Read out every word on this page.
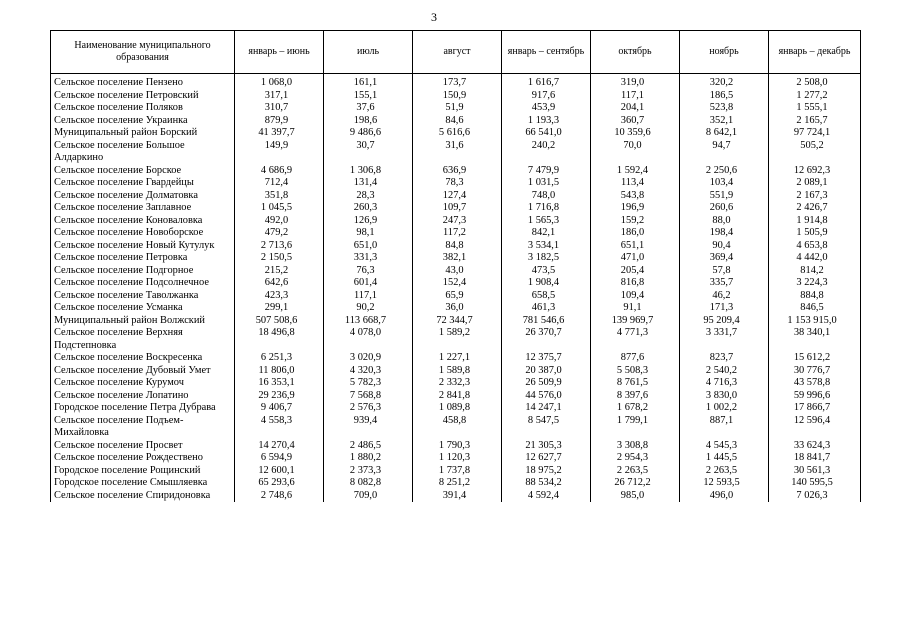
3
Наименование муниципального образования	январь – июнь	июль	август	январь – сентябрь	октябрь	ноябрь	январь – декабрь
Сельское поселение Пензено	1 068,0	161,1	173,7	1 616,7	319,0	320,2	2 508,0
Сельское поселение Петровский	317,1	155,1	150,9	917,6	117,1	186,5	1 277,2
Сельское поселение Поляков	310,7	37,6	51,9	453,9	204,1	523,8	1 555,1
Сельское поселение Украинка	879,9	198,6	84,6	1 193,3	360,7	352,1	2 165,7
Муниципальный район Борский	41 397,7	9 486,6	5 616,6	66 541,0	10 359,6	8 642,1	97 724,1
Сельское поселение Большое Алдаркино	149,9	30,7	31,6	240,2	70,0	94,7	505,2
Сельское поселение Борское	4 686,9	1 306,8	636,9	7 479,9	1 592,4	2 250,6	12 692,3
Сельское поселение Гвардейцы	712,4	131,4	78,3	1 031,5	113,4	103,4	2 089,1
Сельское поселение Долматовка	351,8	28,3	127,4	748,0	543,8	551,9	2 167,3
Сельское поселение Заплавное	1 045,5	260,3	109,7	1 716,8	196,9	260,6	2 426,7
Сельское поселение Коноваловка	492,0	126,9	247,3	1 565,3	159,2	88,0	1 914,8
Сельское поселение Новоборское	479,2	98,1	117,2	842,1	186,0	198,4	1 505,9
Сельское поселение Новый Кутулук	2 713,6	651,0	84,8	3 534,1	651,1	90,4	4 653,8
Сельское поселение Петровка	2 150,5	331,3	382,1	3 182,5	471,0	369,4	4 442,0
Сельское поселение Подгорное	215,2	76,3	43,0	473,5	205,4	57,8	814,2
Сельское поселение Подсолнечное	642,6	601,4	152,4	1 908,4	816,8	335,7	3 224,3
Сельское поселение Таволжанка	423,3	117,1	65,9	658,5	109,4	46,2	884,8
Сельское поселение Усманка	299,1	90,2	36,0	461,3	91,1	171,3	846,5
Муниципальный район Волжский	507 508,6	113 668,7	72 344,7	781 546,6	139 969,7	95 209,4	1 153 915,0
Сельское поселение Верхняя Подстепновка	18 496,8	4 078,0	1 589,2	26 370,7	4 771,3	3 331,7	38 340,1
Сельское поселение Воскресенка	6 251,3	3 020,9	1 227,1	12 375,7	877,6	823,7	15 612,2
Сельское поселение Дубовый Умет	11 806,0	4 320,3	1 589,8	20 387,0	5 508,3	2 540,2	30 776,7
Сельское поселение Курумоч	16 353,1	5 782,3	2 332,3	26 509,9	8 761,5	4 716,3	43 578,8
Сельское поселение Лопатино	29 236,9	7 568,8	2 841,8	44 576,0	8 397,6	3 830,0	59 996,6
Городское поселение Петра Дубрава	9 406,7	2 576,3	1 089,8	14 247,1	1 678,2	1 002,2	17 866,7
Сельское поселение Подъем-Михайловка	4 558,3	939,4	458,8	8 547,5	1 799,1	887,1	12 596,4
Сельское поселение Просвет	14 270,4	2 486,5	1 790,3	21 305,3	3 308,8	4 545,3	33 624,3
Сельское поселение Рождествено	6 594,9	1 880,2	1 120,3	12 627,7	2 954,3	1 445,5	18 841,7
Городское поселение Рощинский	12 600,1	2 373,3	1 737,8	18 975,2	2 263,5	2 263,5	30 561,3
Городское поселение Смышляевка	65 293,6	8 082,8	8 251,2	88 534,2	26 712,2	12 593,5	140 595,5
Сельское поселение Спиридоновка	2 748,6	709,0	391,4	4 592,4	985,0	496,0	7 026,3
